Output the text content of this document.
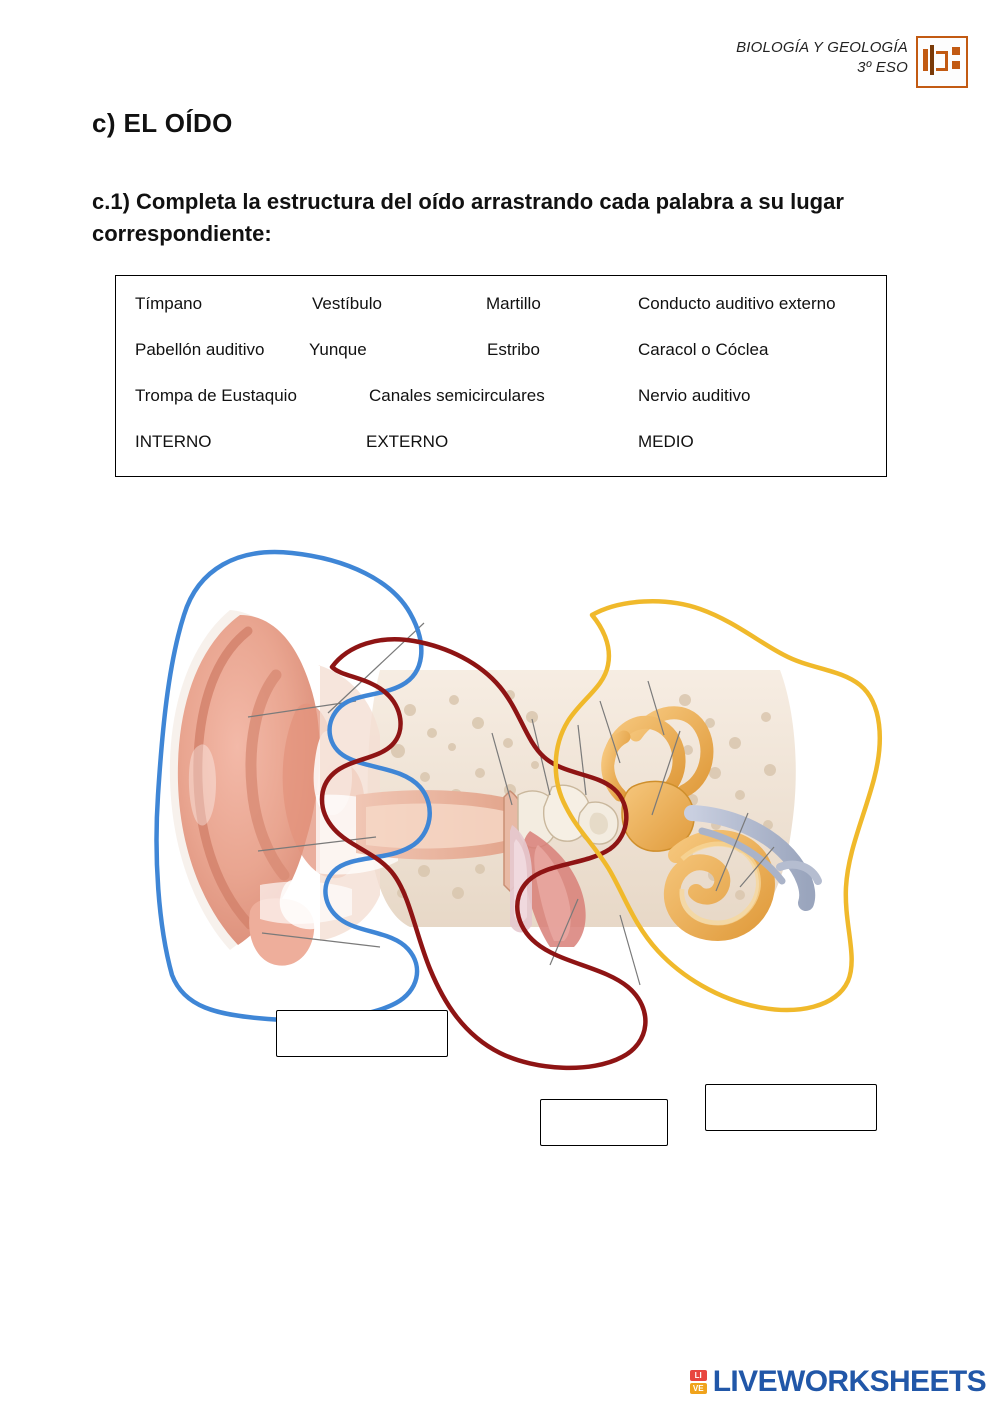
BIOLOGÍA Y GEOLOGÍA
3º ESO
c) EL OÍDO
c.1) Completa la estructura del oído arrastrando cada palabra a su lugar correspondiente:
Tímpano	Vestíbulo	Martillo	Conducto auditivo externo
Pabellón auditivo	Yunque	Estribo	Caracol o Cóclea
Trompa de Eustaquio	Canales semicirculares	Nervio auditivo
INTERNO	EXTERNO	MEDIO
LI
VE LIVEWORKSHEETS
